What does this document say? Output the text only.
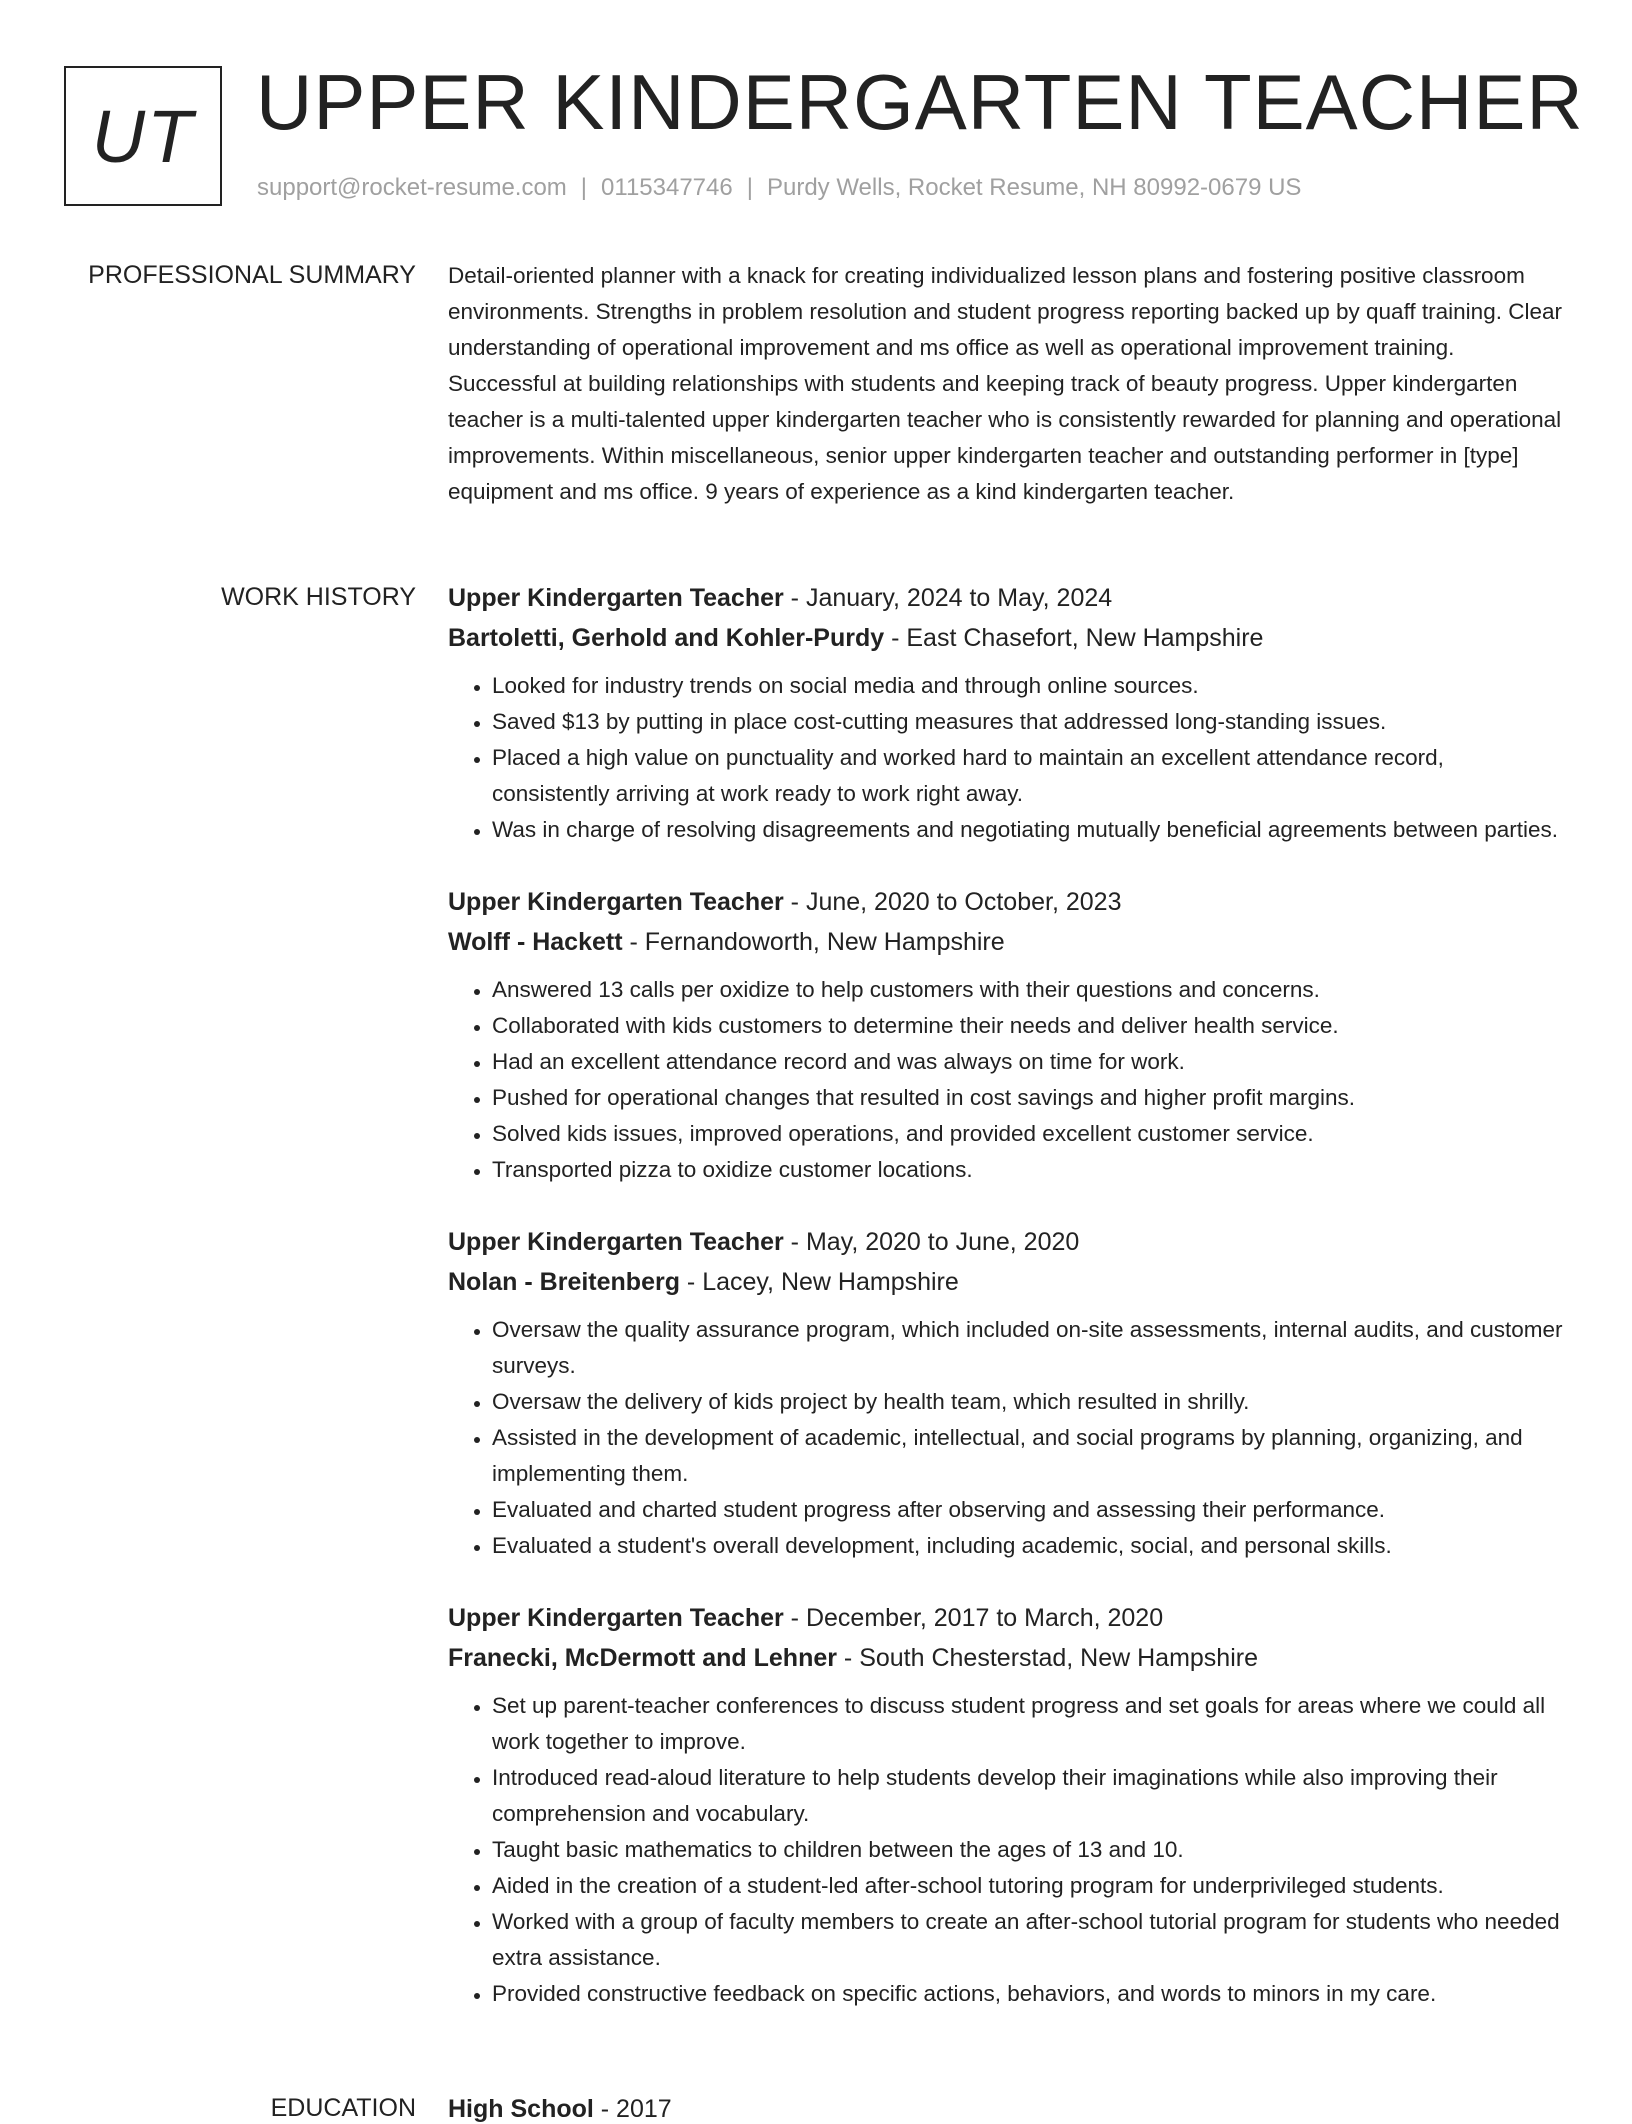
UT UPPER KINDERGARTEN TEACHER
support@rocket-resume.com | 0115347746 | Purdy Wells, Rocket Resume, NH 80992-0679 US
PROFESSIONAL SUMMARY Detail-oriented planner with a knack for creating individualized lesson plans and fostering positive classroom environments. Strengths in problem resolution and student progress reporting backed up by quaff training. Clear understanding of operational improvement and ms office as well as operational improvement training. Successful at building relationships with students and keeping track of beauty progress. Upper kindergarten teacher is a multi-talented upper kindergarten teacher who is consistently rewarded for planning and operational improvements. Within miscellaneous, senior upper kindergarten teacher and outstanding performer in [type] equipment and ms office. 9 years of experience as a kind kindergarten teacher.

WORK HISTORY Upper Kindergarten Teacher - January, 2024 to May, 2024
Bartoletti, Gerhold and Kohler-Purdy - East Chasefort, New Hampshire
• Looked for industry trends on social media and through online sources.
• Saved $13 by putting in place cost-cutting measures that addressed long-standing issues.
• Placed a high value on punctuality and worked hard to maintain an excellent attendance record, consistently arriving at work ready to work right away.
• Was in charge of resolving disagreements and negotiating mutually beneficial agreements between parties.
Upper Kindergarten Teacher - June, 2020 to October, 2023
Wolff - Hackett - Fernandoworth, New Hampshire
• Answered 13 calls per oxidize to help customers with their questions and concerns.
• Collaborated with kids customers to determine their needs and deliver health service.
• Had an excellent attendance record and was always on time for work.
• Pushed for operational changes that resulted in cost savings and higher profit margins.
• Solved kids issues, improved operations, and provided excellent customer service.
• Transported pizza to oxidize customer locations.
Upper Kindergarten Teacher - May, 2020 to June, 2020
Nolan - Breitenberg - Lacey, New Hampshire
• Oversaw the quality assurance program, which included on-site assessments, internal audits, and customer surveys.
• Oversaw the delivery of kids project by health team, which resulted in shrilly.
• Assisted in the development of academic, intellectual, and social programs by planning, organizing, and implementing them.
• Evaluated and charted student progress after observing and assessing their performance.
• Evaluated a student's overall development, including academic, social, and personal skills.
Upper Kindergarten Teacher - December, 2017 to March, 2020
Franecki, McDermott and Lehner - South Chesterstad, New Hampshire
• Set up parent-teacher conferences to discuss student progress and set goals for areas where we could all work together to improve.
• Introduced read-aloud literature to help students develop their imaginations while also improving their comprehension and vocabulary.
• Taught basic mathematics to children between the ages of 13 and 10.
• Aided in the creation of a student-led after-school tutoring program for underprivileged students.
• Worked with a group of faculty members to create an after-school tutorial program for students who needed extra assistance.
• Provided constructive feedback on specific actions, behaviors, and words to minors in my care.
EDUCATION High School - 2017
